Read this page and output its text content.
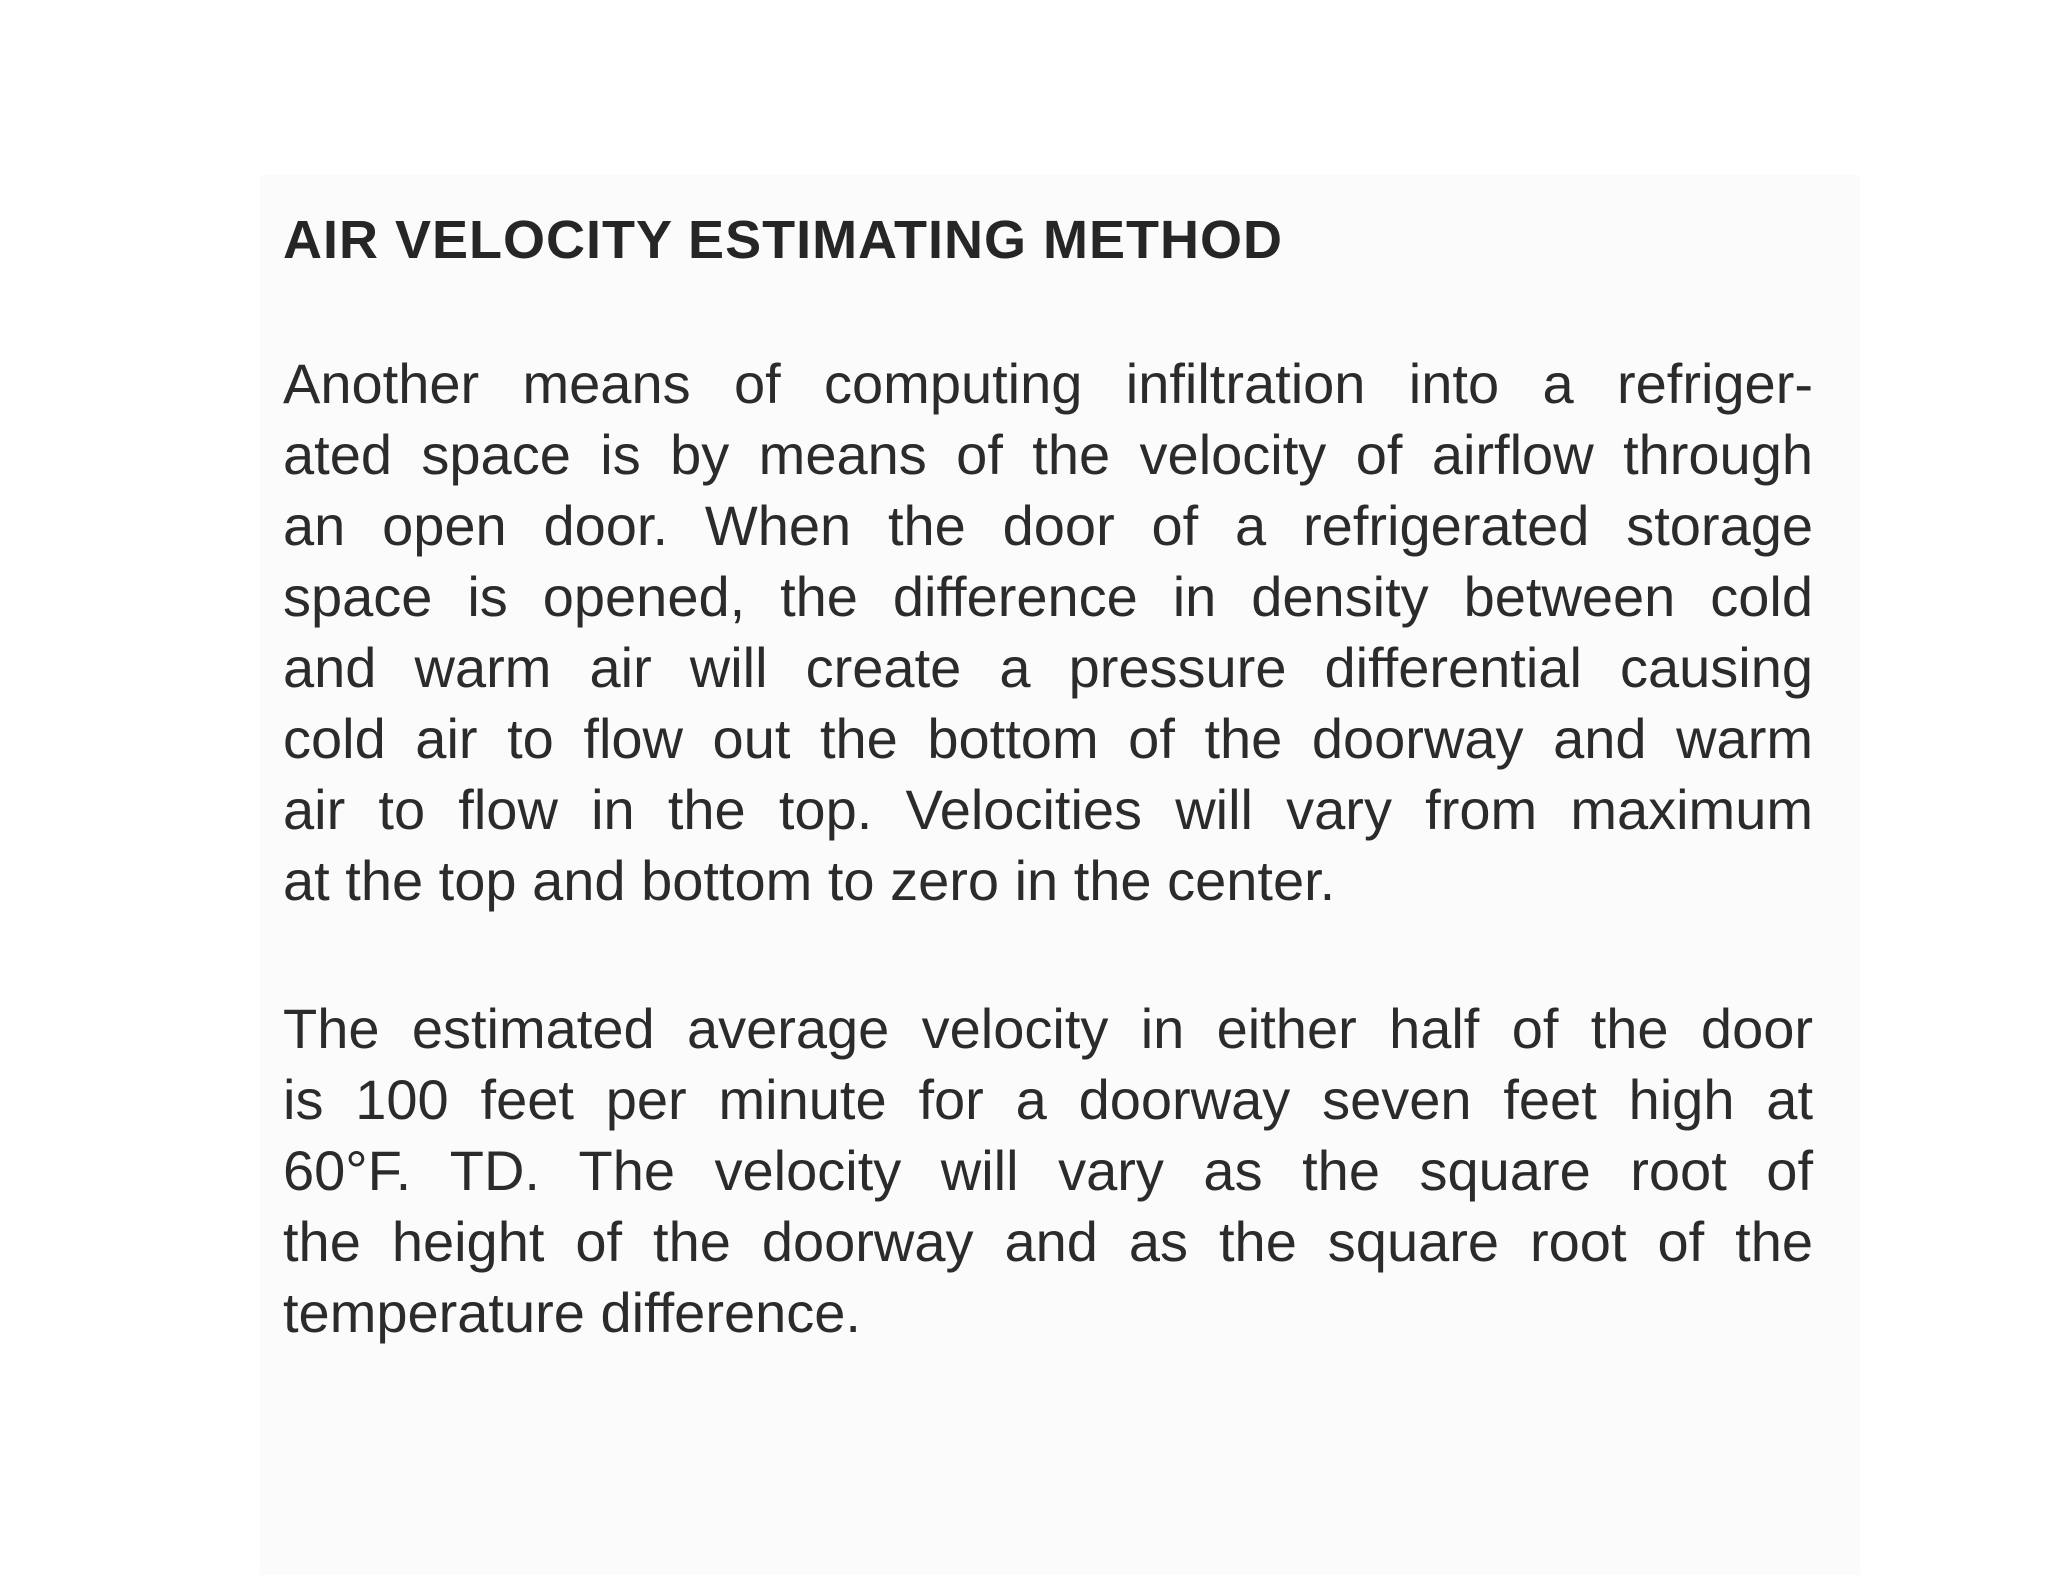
AIR VELOCITY ESTIMATING METHOD
Another means of computing infiltration into a refriger-
ated space is by means of the velocity of airflow through
an open door. When the door of a refrigerated storage
space is opened, the difference in density between cold
and warm air will create a pressure differential causing
cold air to flow out the bottom of the doorway and warm
air to flow in the top. Velocities will vary from maximum
at the top and bottom to zero in the center.
The estimated average velocity in either half of the door
is 100 feet per minute for a doorway seven feet high at
60°F. TD. The velocity will vary as the square root of
the height of the doorway and as the square root of the
temperature difference.
